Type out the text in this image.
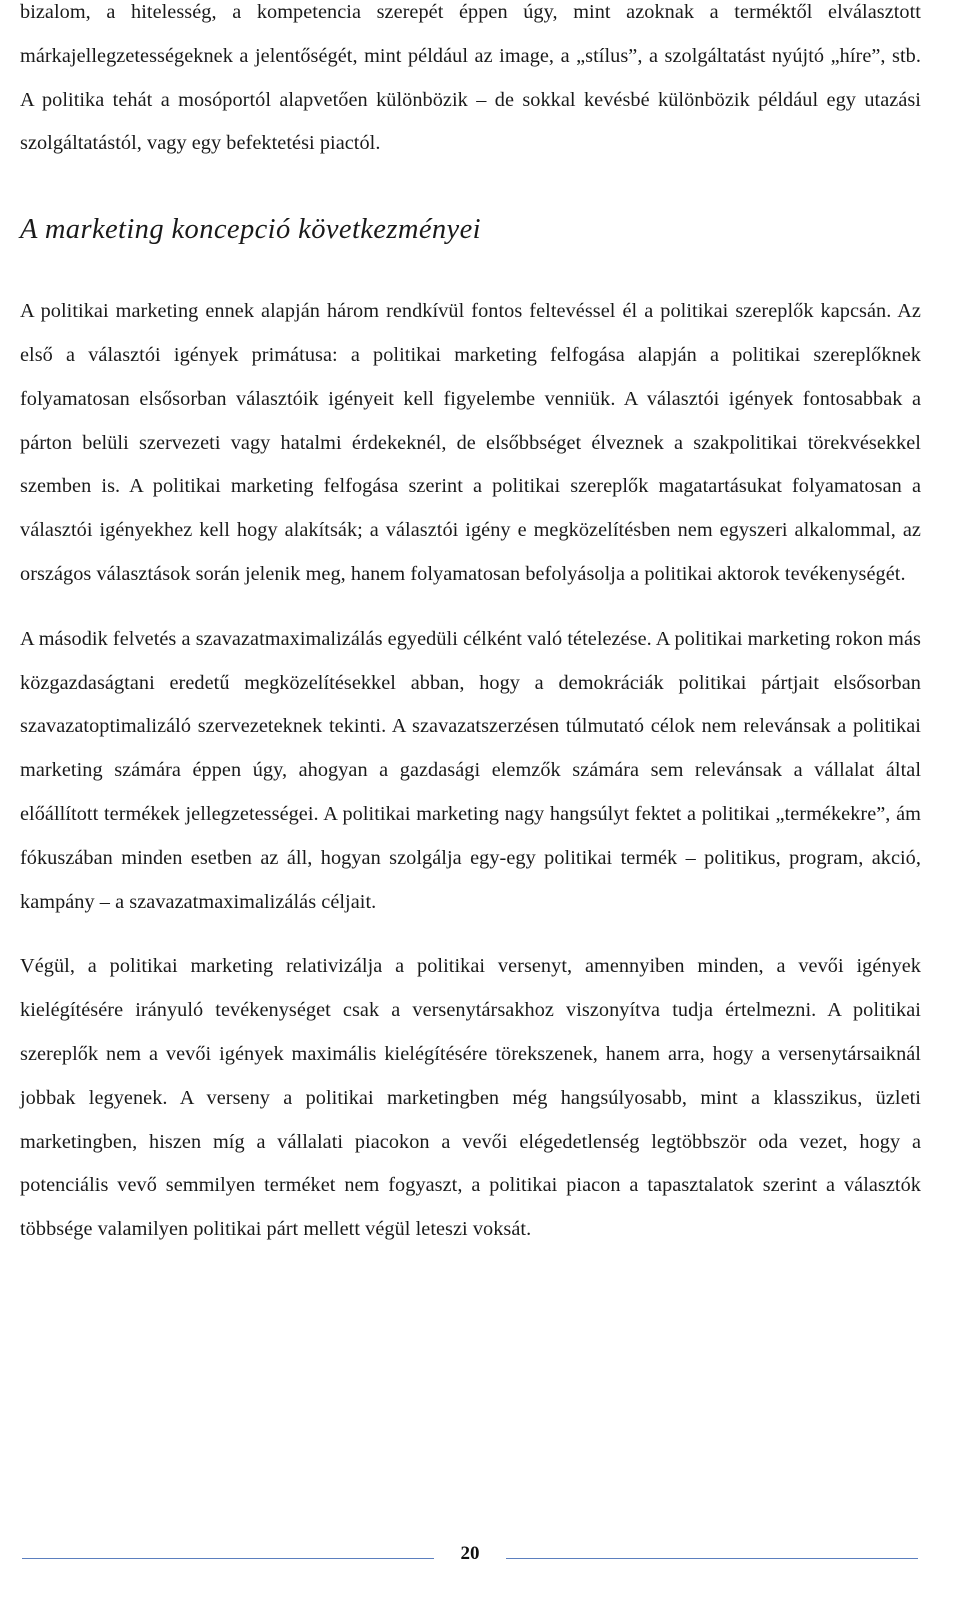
bizalom, a hitelesség, a kompetencia szerepét éppen úgy, mint azoknak a terméktől elválasztott márkajellegzetességeknek a jelentőségét, mint például az image, a „stílus”, a szolgáltatást nyújtó „híre”, stb. A politika tehát a mosóportól alapvetően különbözik – de sokkal kevésbé különbözik például egy utazási szolgáltatástól, vagy egy befektetési piactól.

A marketing koncepció következményei

A politikai marketing ennek alapján három rendkívül fontos feltevéssel él a politikai szereplők kapcsán. Az első a választói igények primátusa: a politikai marketing felfogása alapján a politikai szereplőknek folyamatosan elsősorban választóik igényeit kell figyelembe venniük. A választói igények fontosabbak a párton belüli szervezeti vagy hatalmi érdekeknél, de elsőbbséget élveznek a szakpolitikai törekvésekkel szemben is. A politikai marketing felfogása szerint a politikai szereplők magatartásukat folyamatosan a választói igényekhez kell hogy alakítsák; a választói igény e megközelítésben nem egyszeri alkalommal, az országos választások során jelenik meg, hanem folyamatosan befolyásolja a politikai aktorok tevékenységét.

A második felvetés a szavazatmaximalizálás egyedüli célként való tételezése. A politikai marketing rokon más közgazdaságtani eredetű megközelítésekkel abban, hogy a demokráciák politikai pártjait elsősorban szavazatoptimalizáló szervezeteknek tekinti. A szavazatszerzésen túlmutató célok nem relevánsak a politikai marketing számára éppen úgy, ahogyan a gazdasági elemzők számára sem relevánsak a vállalat által előállított termékek jellegzetességei. A politikai marketing nagy hangsúlyt fektet a politikai „termékekre”, ám fókuszában minden esetben az áll, hogyan szolgálja egy-egy politikai termék – politikus, program, akció, kampány – a szavazatmaximalizálás céljait.

Végül, a politikai marketing relativizálja a politikai versenyt, amennyiben minden, a vevői igények kielégítésére irányuló tevékenységet csak a versenytársakhoz viszonyítva tudja értelmezni. A politikai szereplők nem a vevői igények maximális kielégítésére törekszenek, hanem arra, hogy a versenytársaiknál jobbak legyenek. A verseny a politikai marketingben még hangsúlyosabb, mint a klasszikus, üzleti marketingben, hiszen míg a vállalati piacokon a vevői elégedetlenség legtöbbször oda vezet, hogy a potenciális vevő semmilyen terméket nem fogyaszt, a politikai piacon a tapasztalatok szerint a választók többsége valamilyen politikai párt mellett végül leteszi voksát.

20
